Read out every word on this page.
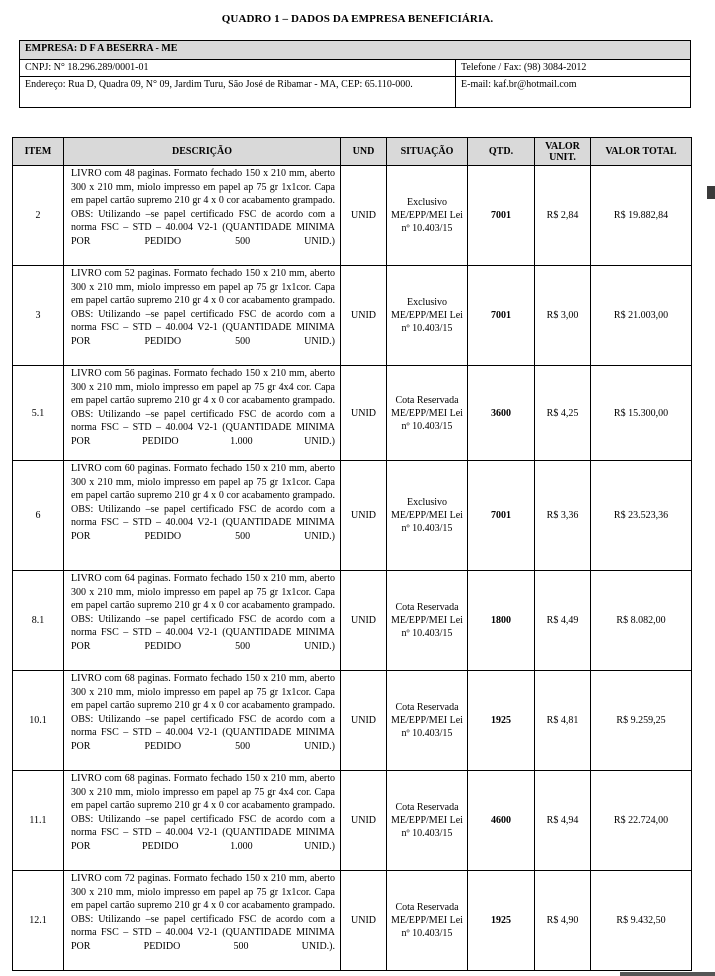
QUADRO 1 – DADOS DA EMPRESA BENEFICIÁRIA.
EMPRESA: D F A BESERRA - ME	
CNPJ: N° 18.296.289/0001-01	Telefone / Fax: (98) 3084-2012
Endereço: Rua D, Quadra 09, N° 09, Jardim Turu, São José de Ribamar - MA, CEP: 65.110-000.	E-mail: kaf.br@hotmail.com
ITEM	DESCRIÇÃO	UND	SITUAÇÃO	QTD.	VALOR UNIT.	VALOR TOTAL
2	LIVRO com 48 paginas. Formato fechado 150 x 210 mm, aberto 300 x 210 mm, miolo impresso em papel ap 75 gr 1x1cor. Capa em papel cartão supremo 210 gr 4 x 0 cor acabamento grampado. OBS: Utilizando –se papel certificado FSC de acordo com a norma FSC – STD – 40.004 V2-1 (QUANTIDADE MINIMA POR PEDIDO 500 UNID.)	UNID	Exclusivo ME/EPP/MEI Lei nº 10.403/15	7001	R$ 2,84	R$ 19.882,84
3	LIVRO com 52 paginas. Formato fechado 150 x 210 mm, aberto 300 x 210 mm, miolo impresso em papel ap 75 gr 1x1cor. Capa em papel cartão supremo 210 gr 4 x 0 cor acabamento grampado. OBS: Utilizando –se papel certificado FSC de acordo com a norma FSC – STD – 40.004 V2-1 (QUANTIDADE MINIMA POR PEDIDO 500 UNID.)	UNID	Exclusivo ME/EPP/MEI Lei nº 10.403/15	7001	R$ 3,00	R$ 21.003,00
5.1	LIVRO com 56 paginas. Formato fechado 150 x 210 mm, aberto 300 x 210 mm, miolo impresso em papel ap 75 gr 4x4 cor. Capa em papel cartão supremo 210 gr 4 x 0 cor acabamento grampado. OBS: Utilizando –se papel certificado FSC de acordo com a norma FSC – STD – 40.004 V2-1 (QUANTIDADE MINIMA POR PEDIDO 1.000 UNID.)	UNID	Cota Reservada ME/EPP/MEI Lei nº 10.403/15	3600	R$ 4,25	R$ 15.300,00
6	LIVRO com 60 paginas. Formato fechado 150 x 210 mm, aberto 300 x 210 mm, miolo impresso em papel ap 75 gr 1x1cor. Capa em papel cartão supremo 210 gr 4 x 0 cor acabamento grampado. OBS: Utilizando –se papel certificado FSC de acordo com a norma FSC – STD – 40.004 V2-1 (QUANTIDADE MINIMA POR PEDIDO 500 UNID.)	UNID	Exclusivo ME/EPP/MEI Lei nº 10.403/15	7001	R$ 3,36	R$ 23.523,36
8.1	LIVRO com 64 paginas. Formato fechado 150 x 210 mm, aberto 300 x 210 mm, miolo impresso em papel ap 75 gr 1x1cor. Capa em papel cartão supremo 210 gr 4 x 0 cor acabamento grampado. OBS: Utilizando –se papel certificado FSC de acordo com a norma FSC – STD – 40.004 V2-1 (QUANTIDADE MINIMA POR PEDIDO 500 UNID.)	UNID	Cota Reservada ME/EPP/MEI Lei nº 10.403/15	1800	R$ 4,49	R$ 8.082,00
10.1	LIVRO com 68 paginas. Formato fechado 150 x 210 mm, aberto 300 x 210 mm, miolo impresso em papel ap 75 gr 1x1cor. Capa em papel cartão supremo 210 gr 4 x 0 cor acabamento grampado. OBS: Utilizando –se papel certificado FSC de acordo com a norma FSC – STD – 40.004 V2-1 (QUANTIDADE MINIMA POR PEDIDO 500 UNID.)	UNID	Cota Reservada ME/EPP/MEI Lei nº 10.403/15	1925	R$ 4,81	R$ 9.259,25
11.1	LIVRO com 68 paginas. Formato fechado 150 x 210 mm, aberto 300 x 210 mm, miolo impresso em papel ap 75 gr 4x4 cor. Capa em papel cartão supremo 210 gr 4 x 0 cor acabamento grampado. OBS: Utilizando –se papel certificado FSC de acordo com a norma FSC – STD – 40.004 V2-1 (QUANTIDADE MINIMA POR PEDIDO 1.000 UNID.)	UNID	Cota Reservada ME/EPP/MEI Lei nº 10.403/15	4600	R$ 4,94	R$ 22.724,00
12.1	LIVRO com 72 paginas. Formato fechado 150 x 210 mm, aberto 300 x 210 mm, miolo impresso em papel ap 75 gr 1x1cor. Capa em papel cartão supremo 210 gr 4 x 0 cor acabamento grampado. OBS: Utilizando –se papel certificado FSC de acordo com a norma FSC – STD – 40.004 V2-1 (QUANTIDADE MINIMA POR PEDIDO 500 UNID.).	UNID	Cota Reservada ME/EPP/MEI Lei nº 10.403/15	1925	R$ 4,90	R$ 9.432,50
